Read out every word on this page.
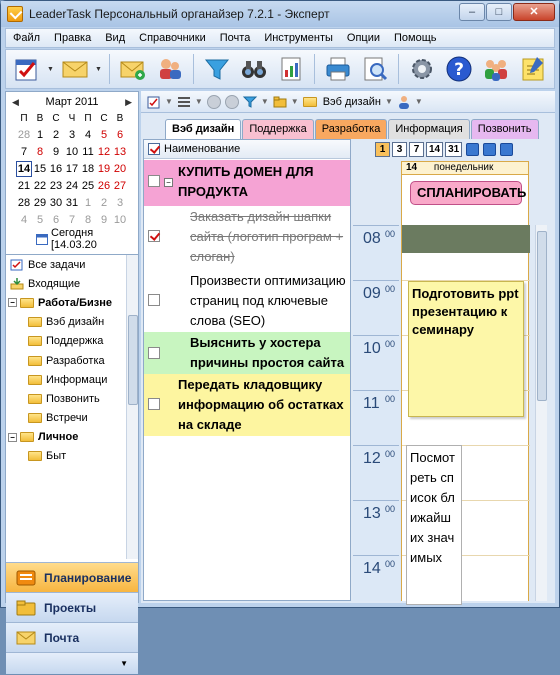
LeaderTask Персональный органайзер 7.2.1 - Эксперт	–	□	✕
Файл	Правка	Вид	Справочники	Почта	Инструменты	Опции	Помощь
▼	▼	?
◀ Март 2011	▶
П В С Ч П С В
28 1 2 3 4 5 6
7 8 9 10 11 12 13
14 15 16 17 18 19 20
21 22 23 24 25 26 27
28 29 30 31 1 2 3
4 5 6 7 8 9 10
Сегодня [14.03.20
Все задачи
Входящие
− Работа/Бизне
Вэб дизайн
Поддержка
Разработка
Информаци
Позвонить
Встречи
− Личное
Быт
Планирование
Проекты
Почта
▼
▼	▼	▼	▼ Вэб дизайн ▼	▼
Вэб дизайн	Поддержка	Разработка	Информация	Позвонить
Наименование
−
КУПИТЬ ДОМЕН ДЛЯ ПРОДУКТА
Заказать дизайн шапки сайта (логотип програм + слоган)
Произвести оптимизацию страниц под ключевые слова (SEO)
Выяснить у хостера причины простоя сайта
Передать кладовщику информацию об остатках на складе
1	3	7 14 31
14 понедельник
СПЛАНИРОВАТЬ
08 00
09 00
10 00
11 00
12 00
13 00
14 00
Подготовить ppt презентацию к семинару
Посмотреть список ближайших значимых
